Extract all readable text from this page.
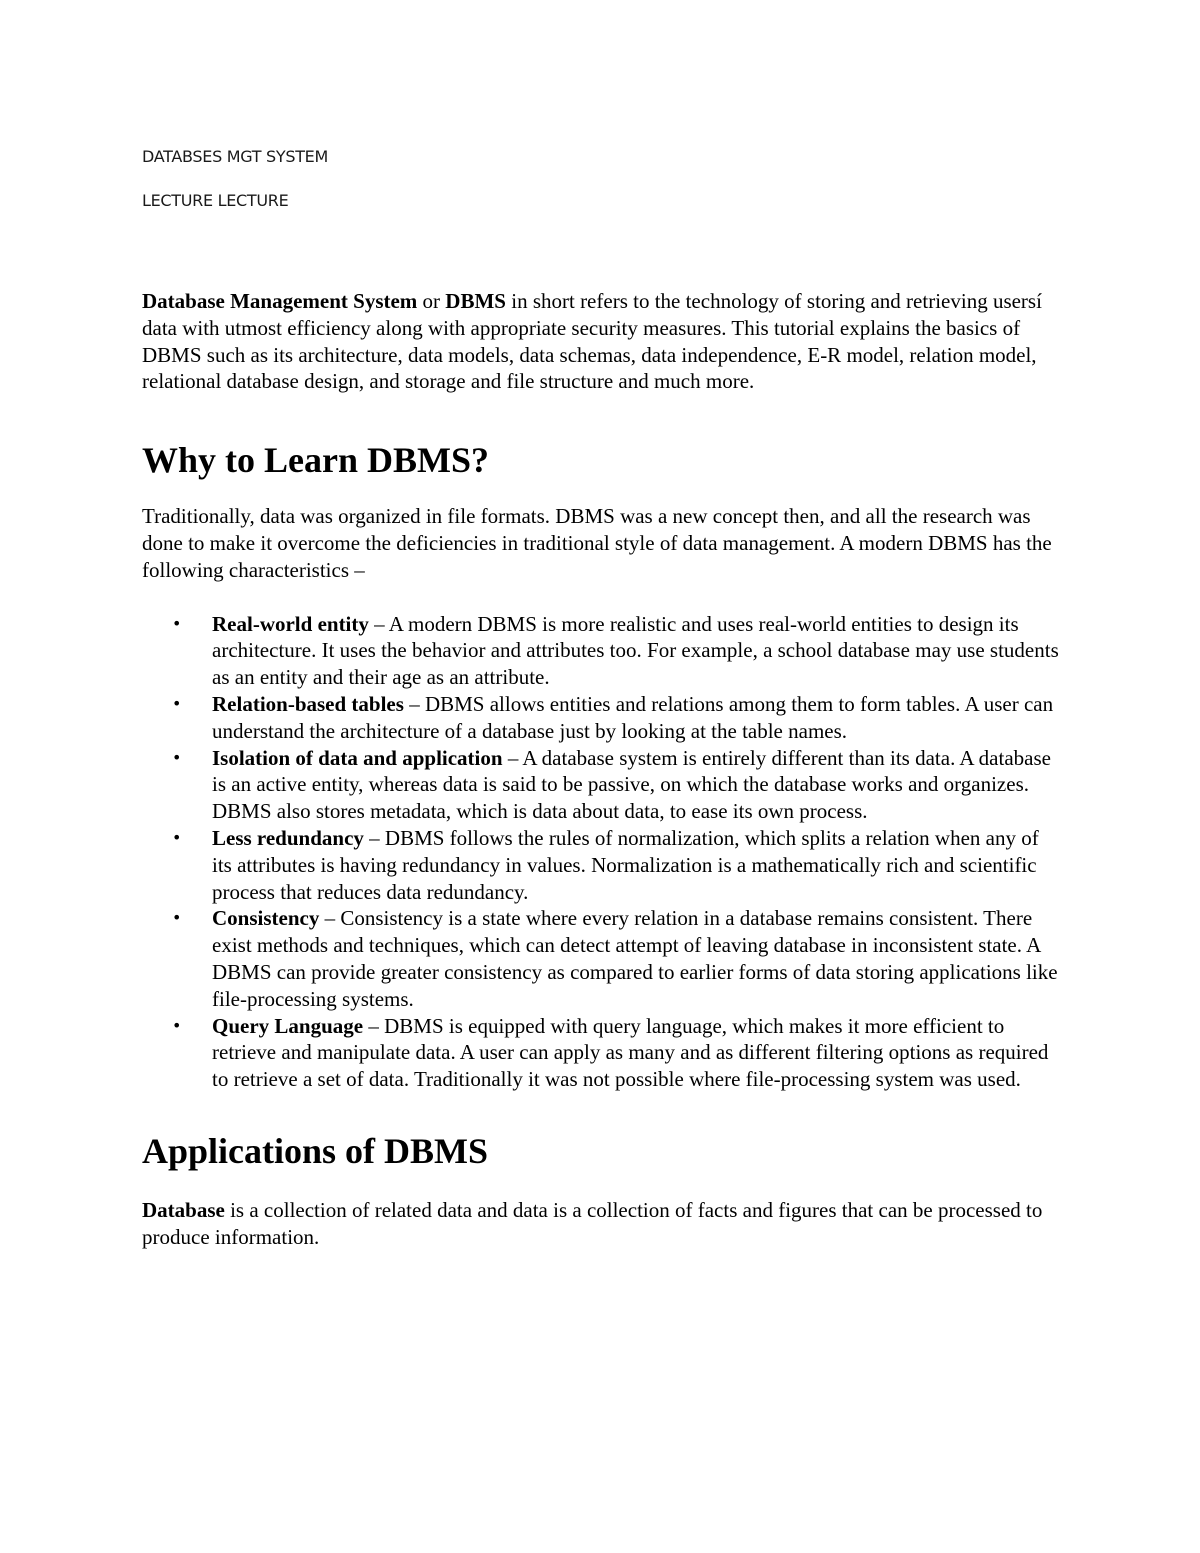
DATABSES MGT SYSTEM
LECTURE LECTURE

Database Management System or DBMS in short refers to the technology of storing and retrieving usersí data with utmost efficiency along with appropriate security measures. This tutorial explains the basics of DBMS such as its architecture, data models, data schemas, data independence, E-R model, relation model, relational database design, and storage and file structure and much more.

Why to Learn DBMS?

Traditionally, data was organized in file formats. DBMS was a new concept then, and all the research was done to make it overcome the deficiencies in traditional style of data management. A modern DBMS has the following characteristics –

• Real-world entity – A modern DBMS is more realistic and uses real-world entities to design its architecture. It uses the behavior and attributes too. For example, a school database may use students as an entity and their age as an attribute.
• Relation-based tables – DBMS allows entities and relations among them to form tables. A user can understand the architecture of a database just by looking at the table names.
• Isolation of data and application – A database system is entirely different than its data. A database is an active entity, whereas data is said to be passive, on which the database works and organizes. DBMS also stores metadata, which is data about data, to ease its own process.
• Less redundancy – DBMS follows the rules of normalization, which splits a relation when any of its attributes is having redundancy in values. Normalization is a mathematically rich and scientific process that reduces data redundancy.
• Consistency – Consistency is a state where every relation in a database remains consistent. There exist methods and techniques, which can detect attempt of leaving database in inconsistent state. A DBMS can provide greater consistency as compared to earlier forms of data storing applications like file-processing systems.
• Query Language – DBMS is equipped with query language, which makes it more efficient to retrieve and manipulate data. A user can apply as many and as different filtering options as required to retrieve a set of data. Traditionally it was not possible where file-processing system was used.
Applications of DBMS

Database is a collection of related data and data is a collection of facts and figures that can be processed to produce information.
